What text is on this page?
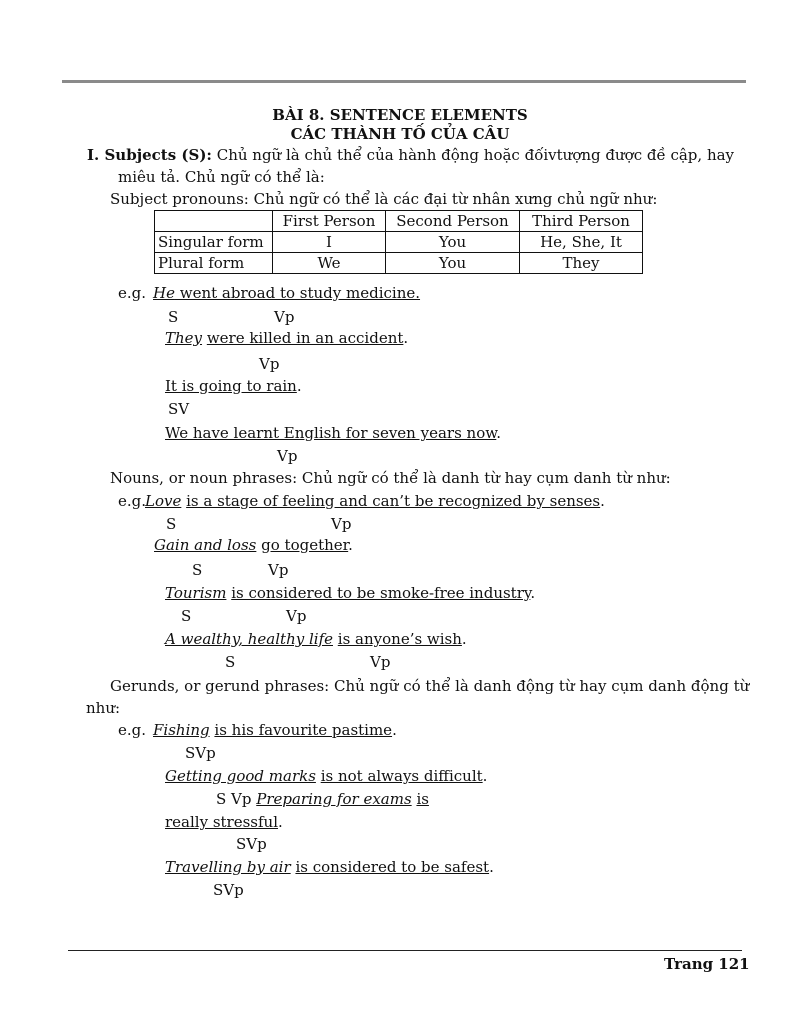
BÀI 8. SENTENCE ELEMENTS
CÁC THÀNH TỐ CỦA CÂU
I. Subjects (S): Chủ ngữ là chủ thể của hành động hoặc đốivtượng được đề cập, hay
miêu tả. Chủ ngữ có thể là:
Subject pronouns: Chủ ngữ có thể là các đại từ nhân xưng chủ ngữ như:
	First Person	Second Person	Third Person
Singular form	I	You	He, She, It
Plural form	We	You	They
e.g. He went abroad to study medicine.
S	Vp
They were killed in an accident.
Vp
It is going to rain.
SV
We have learnt English for seven years now.
Vp
Nouns, or noun phrases: Chủ ngữ có thể là danh từ hay cụm danh từ như:
e.g.
Love is a stage of feeling and can’t be recognized by senses.
S	Vp
Gain and loss go together.
S	Vp
Tourism is considered to be smoke-free industry.
S	Vp
A wealthy, healthy life is anyone’s wish.
S	Vp
Gerunds, or gerund phrases: Chủ ngữ có thể là danh động từ hay cụm danh động từ
như:
e.g. Fishing is his favourite pastime.
SVp
Getting good marks is not always difficult.
S Vp Preparing for exams is
really stressful.
SVp
Travelling by air is considered to be safest.
SVp
Trang 121
